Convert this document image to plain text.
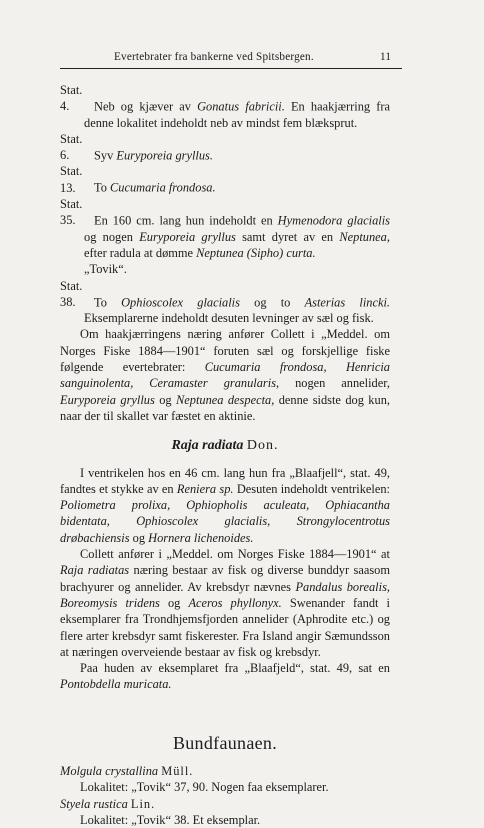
Evertebrater fra bankerne ved Spitsbergen.	11

Stat. 4. Neb og kjæver av Gonatus fabricii. En haakjærring fra denne lokalitet indeholdt neb av mindst fem blæksprut.

Stat. 6. Syv Euryporeia gryllus.

Stat. 13. To Cucumaria frondosa.

Stat. 35. En 160 cm. lang hun indeholdt en Hymenodora glacialis og nogen Euryporeia gryllus samt dyret av en Neptunea, efter radula at dømme Neptunea (Sipho) curta.
„Tovik“.

Stat. 38. To Ophioscolex glacialis og to Asterias lincki. Eksemplarerne indeholdt desuten levninger av sæl og fisk.

Om haakjærringens næring anfører Collett i „Meddel. om Norges Fiske 1884—1901“ foruten sæl og forskjellige fiske følgende evertebrater: Cucumaria frondosa, Henricia sanguinolenta, Ceramaster granularis, nogen annelider, Euryporeia gryllus og Neptunea despecta, denne sidste dog kun, naar der til skallet var fæstet en aktinie.

Raja radiata Don.

I ventrikelen hos en 46 cm. lang hun fra „Blaafjell“, stat. 49, fandtes et stykke av en Reniera sp. Desuten indeholdt ventrikelen: Poliometra prolixa, Ophiopholis aculeata, Ophiacantha bidentata, Ophioscolex glacialis, Strongylocentrotus drøbachiensis og Hornera lichenoides.

Collett anfører i „Meddel. om Norges Fiske 1884—1901“ at Raja radiatas næring bestaar av fisk og diverse bunddyr saasom brachyurer og annelider. Av krebsdyr nævnes Pandalus borealis, Boreomysis tridens og Aceros phyllonyx. Swenander fandt i eksemplarer fra Trondhjemsfjorden annelider (Aphrodite etc.) og flere arter krebsdyr samt fiskerester. Fra Island angir Sæmundsson at næringen overveiende bestaar av fisk og krebsdyr.

Paa huden av eksemplaret fra „Blaafjeld“, stat. 49, sat en Pontobdella muricata.

Bundfaunaen.

Molgula crystallina Müll.

Lokalitet: „Tovik“ 37, 90. Nogen faa eksemplarer.

Styela rustica Lin.

Lokalitet: „Tovik“ 38. Et eksemplar.
